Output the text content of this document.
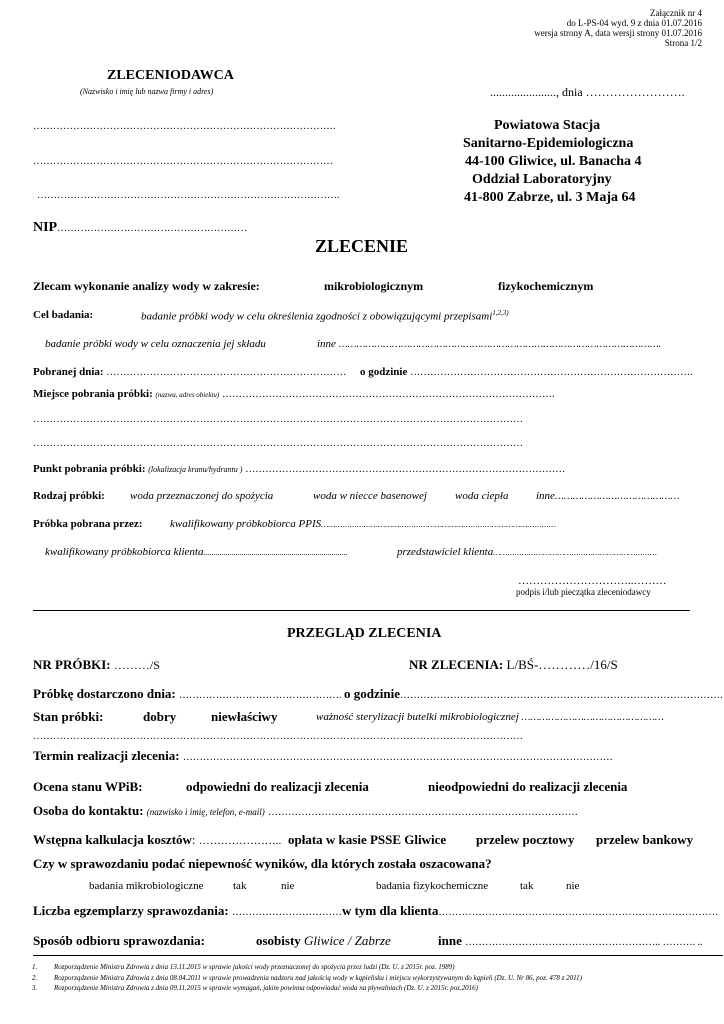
Załącznik nr 4
do L-PS-04 wyd. 9 z dnia 01.07.2016
wersja strony A, data wersji strony 01.07.2016
Strona 1/2
ZLECENIODAWCA
(Nazwisko i imię lub nazwa firmy i adres)	......................, dnia …………………….
……………………………………………………………………………….
………………………………………………………………………………
……………………………………………………………………………….
Powiatowa Stacja
Sanitarno-Epidemiologiczna
44-100 Gliwice, ul. Banacha 4
Oddział Laboratoryjny
41-800 Zabrze, ul. 3 Maja 64
NIP…………………………………………………
ZLECENIE
Zlecam wykonanie analizy wody w zakresie:	mikrobiologicznym	fizykochemicznym
Cel badania:	badanie próbki wody w celu określenia zgodności z obowiązującymi przepisami$^{1,2,3)}$
badanie próbki wody w celu oznaczenia jej składu	inne ……………………………………………………………………………………………….
Pobranej dnia: ……………………………………………………………… o godzinie ………………………………………………………………………….
Miejsce pobrania próbki: (nazwa, adres obiektu) ……………………………………………………………………………………….
…………………………………………………………………………………………………………………………………
…………………………………………………………………………………………………………………………………
Punkt pobrania próbki: (lokalizacja kranu/hydrantu ) ……………………………………………………………………………………
Rodzaj próbki: woda przeznaczonej do spożycia	woda w niecce basenowej	woda ciepła	inne……………………………………
Próbka pobrana przez:	kwalifikowany próbkobiorca PPIS………………………………………………………………………………………
kwalifikowany próbkobiorca klienta........................................................................	przedstawiciel klienta……………………………………………………………
…………………………..………
podpis i/lub pieczątka zleceniodawcy
PRZEGLĄD ZLECENIA
NR PRÓBKI: ………/S	NR ZLECENIA: L/BŚ-…………/16/S
Próbkę dostarczono dnia: …………………………………………. o godzinie…………………………………………………………………………………….
Stan próbki:	dobry	niewłaściwy	ważność sterylizacji butelki mikrobiologicznej …………………………………………
…………………………………………………………………………………………………………………………………
Termin realizacji zlecenia: …………………………………………………………………………………………………………………
Ocena stanu WPiB:	odpowiedni do realizacji zlecenia	nieodpowiedni do realizacji zlecenia
Osoba do kontaktu: (nazwisko i imię, telefon, e-mail) …………………………………………………………………………………
Wstępna kalkulacja kosztów: ………………….. opłata w kasie PSSE Gliwice przelew pocztowy przelew bankowy
Czy w sprawozdaniu podać niepewność wyników, dla których została oszacowana?
badania mikrobiologiczne	tak	nie	badania fizykochemiczne	tak	nie
Liczba egzemplarzy sprawozdania: ……………………………w tym dla klienta…………………………………………………………………………
Sposób odbioru sprawozdania:	osobisty Gliwice / Zabrze	inne ………………………………………………….. ………. ..
1. Rozporządzenie Ministra Zdrowia z dnia 13.11.2015 w sprawie jakości wody przeznaczonej do spożycia przez ludzi (Dz. U. z 2015r. poz. 1989)
2. Rozporządzenie Ministra Zdrowia z dnia 08.04.2011 w sprawie prowadzenia nadzoru nad jakością wody w kąpielisku i miejscu wykorzystywanym do kąpieli (Dz. U. Nr 86, poz. 478 z 2011)
3. Rozporządzenie Ministra Zdrowia z dnia 09.11.2015 w sprawie wymagań, jakim powinna odpowiadać woda na pływalniach (Dz. U. z 2015r. poz.2016)
